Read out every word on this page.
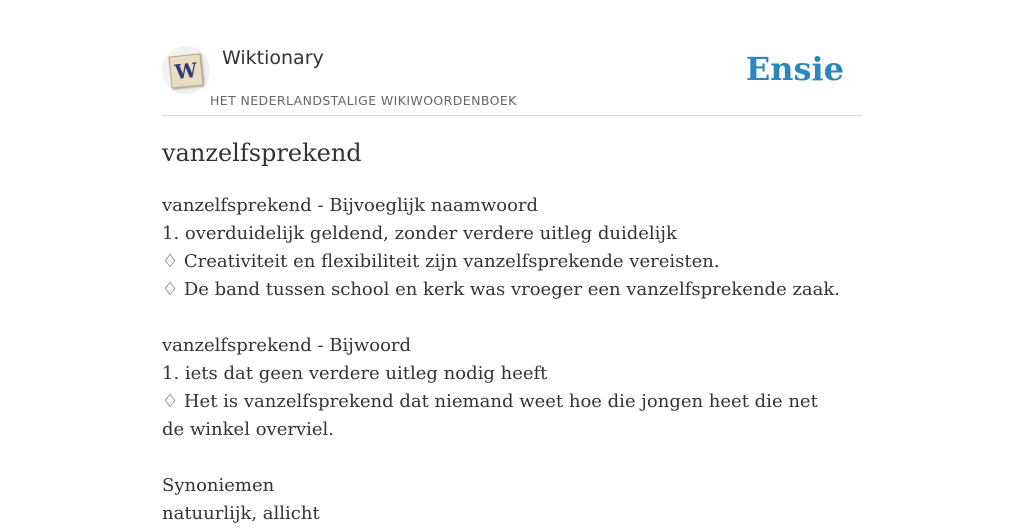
W Wiktionary
HET NEDERLANDSTALIGE WIKIWOORDENBOEK
Ensie
vanzelfsprekend
vanzelfsprekend - Bijvoeglijk naamwoord
1. overduidelijk geldend, zonder verdere uitleg duidelijk
♢ Creativiteit en flexibiliteit zijn vanzelfsprekende vereisten.
♢ De band tussen school en kerk was vroeger een vanzelfsprekende zaak.
vanzelfsprekend - Bijwoord
1. iets dat geen verdere uitleg nodig heeft
♢ Het is vanzelfsprekend dat niemand weet hoe die jongen heet die net de winkel overviel.
Synoniemen
natuurlijk, allicht
